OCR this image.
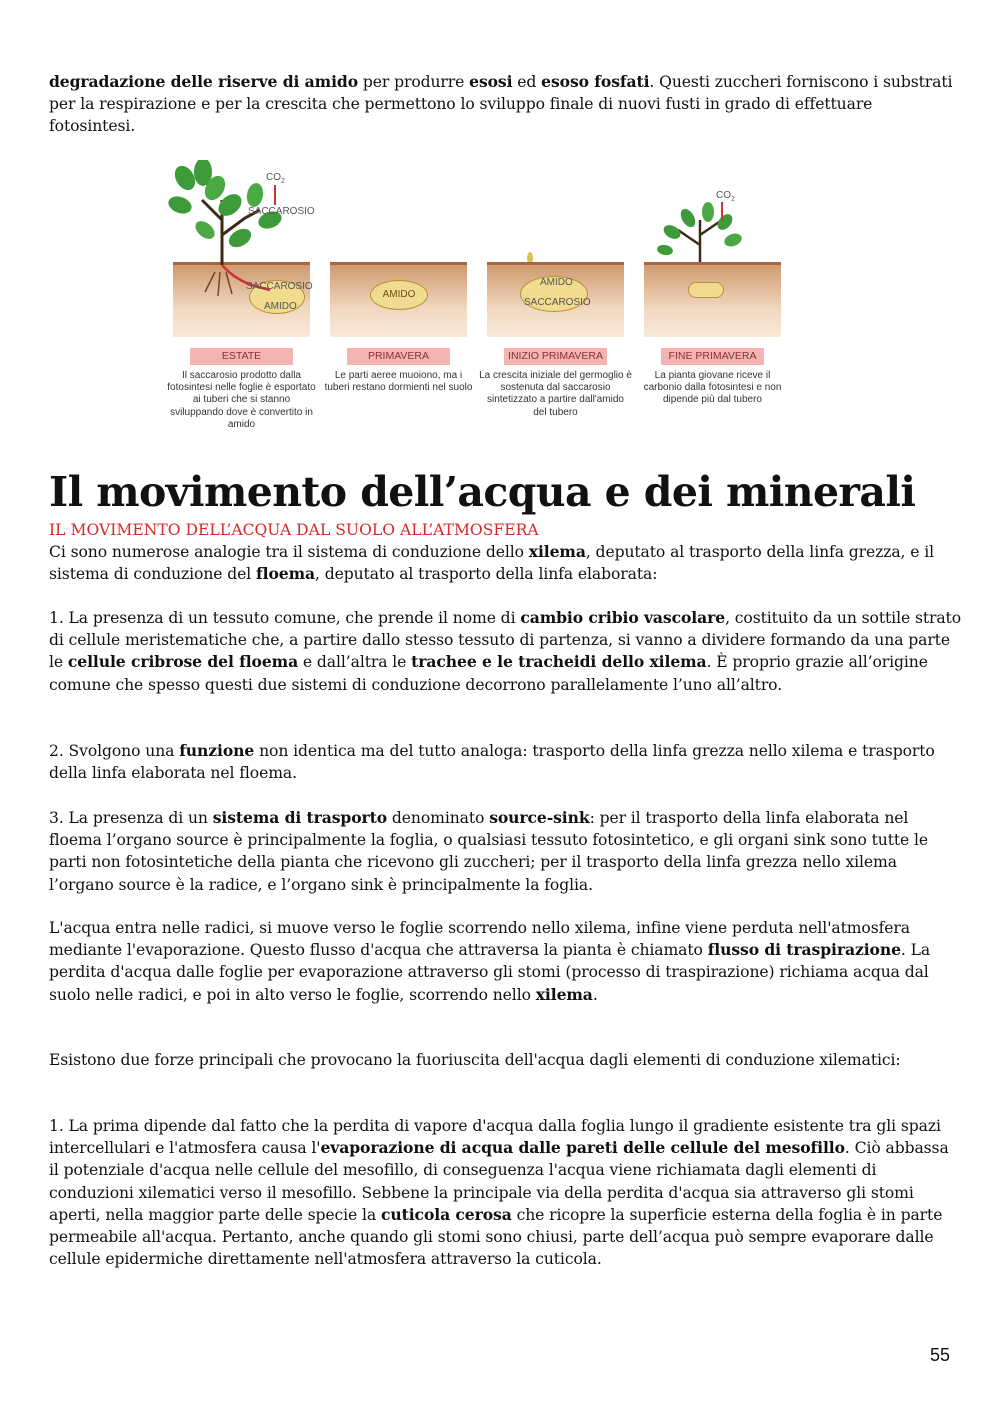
degradazione delle riserve di amido per produrre esosi ed esoso fosfati. Questi zuccheri forniscono i substrati per la respirazione e per la crescita che permettono lo sviluppo finale di nuovi fusti in grado di effettuare fotosintesi.

ESTATE
Il saccarosio prodotto dalla fotosintesi nelle foglie è esportato ai tuberi che si stanno sviluppando dove è convertito in amido
$CO_2$
SACCAROSIO
SACCAROSIO
AMIDO
AMIDO
PRIMAVERA
Le parti aeree muoiono, ma i tuberi restano dormienti nel suolo
AMIDO
SACCAROSIO
INIZIO PRIMAVERA
La crescita iniziale del germoglio è sostenuta dal saccarosio sintetizzato a partire dall'amido del tubero
FINE PRIMAVERA
La pianta giovane riceve il carbonio dalla fotosintesi e non dipende più dal tubero
$CO_2$
Il movimento dell’acqua e dei minerali

IL MOVIMENTO DELL’ACQUA DAL SUOLO ALL’ATMOSFERA

Ci sono numerose analogie tra il sistema di conduzione dello xilema, deputato al trasporto della linfa grezza, e il sistema di conduzione del floema, deputato al trasporto della linfa elaborata:

1. La presenza di un tessuto comune, che prende il nome di cambio cribio vascolare, costituito da un sottile strato di cellule meristematiche che, a partire dallo stesso tessuto di partenza, si vanno a dividere formando da una parte le cellule cribrose del floema e dall’altra le trachee e le tracheidi dello xilema. È proprio grazie all’origine comune che spesso questi due sistemi di conduzione decorrono parallelamente l’uno all’altro.

2. Svolgono una funzione non identica ma del tutto analoga: trasporto della linfa grezza nello xilema e trasporto della linfa elaborata nel floema.

3. La presenza di un sistema di trasporto denominato source-sink: per il trasporto della linfa elaborata nel floema l’organo source è principalmente la foglia, o qualsiasi tessuto fotosintetico, e gli organi sink sono tutte le parti non fotosintetiche della pianta che ricevono gli zuccheri; per il trasporto della linfa grezza nello xilema l’organo source è la radice, e l’organo sink è principalmente la foglia.

L'acqua entra nelle radici, si muove verso le foglie scorrendo nello xilema, infine viene perduta nell'atmosfera mediante l'evaporazione. Questo flusso d'acqua che attraversa la pianta è chiamato flusso di traspirazione. La perdita d'acqua dalle foglie per evaporazione attraverso gli stomi (processo di traspirazione) richiama acqua dal suolo nelle radici, e poi in alto verso le foglie, scorrendo nello xilema.

Esistono due forze principali che provocano la fuoriuscita dell'acqua dagli elementi di conduzione xilematici:

1. La prima dipende dal fatto che la perdita di vapore d'acqua dalla foglia lungo il gradiente esistente tra gli spazi intercellulari e l'atmosfera causa l'evaporazione di acqua dalle pareti delle cellule del mesofillo. Ciò abbassa il potenziale d'acqua nelle cellule del mesofillo, di conseguenza l'acqua viene richiamata dagli elementi di conduzioni xilematici verso il mesofillo. Sebbene la principale via della perdita d'acqua sia attraverso gli stomi aperti, nella maggior parte delle specie la cuticola cerosa che ricopre la superficie esterna della foglia è in parte permeabile all'acqua. Pertanto, anche quando gli stomi sono chiusi, parte dell’acqua può sempre evaporare dalle cellule epidermiche direttamente nell'atmosfera attraverso la cuticola.

55
